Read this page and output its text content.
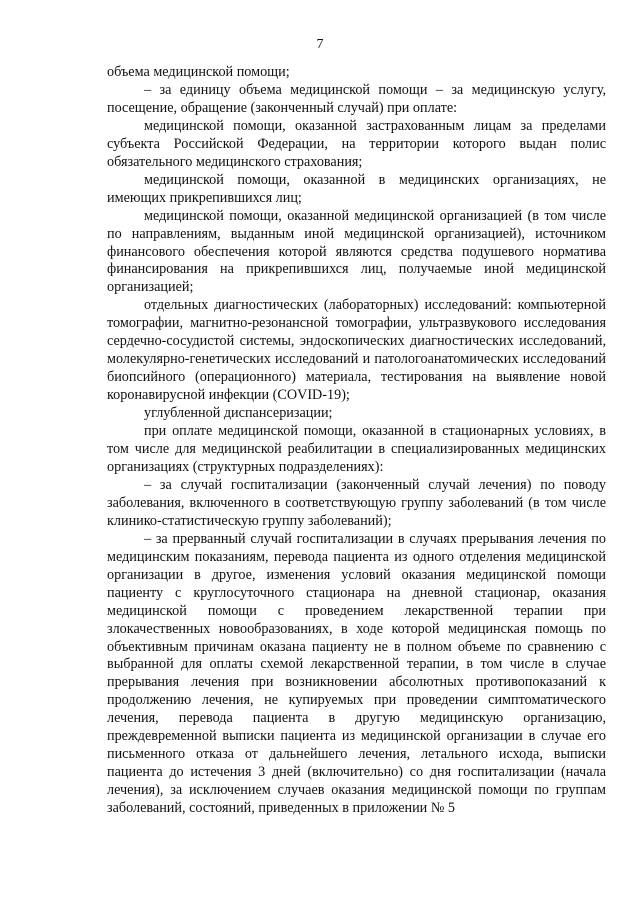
7

объема медицинской помощи;

– за единицу объема медицинской помощи – за медицинскую услугу, посещение, обращение (законченный случай) при оплате:

медицинской помощи, оказанной застрахованным лицам за пределами субъекта Российской Федерации, на территории которого выдан полис обязательного медицинского страхования;

медицинской помощи, оказанной в медицинских организациях, не имеющих прикрепившихся лиц;

медицинской помощи, оказанной медицинской организацией (в том числе по направлениям, выданным иной медицинской организацией), источником финансового обеспечения которой являются средства подушевого норматива финансирования на прикрепившихся лиц, получаемые иной медицинской организацией;

отдельных диагностических (лабораторных) исследований: компьютерной томографии, магнитно-резонансной томографии, ультразвукового исследования сердечно-сосудистой системы, эндоскопических диагностических исследований, молекулярно-генетических исследований и патологоанатомических исследований биопсийного (операционного) материала, тестирования на выявление новой коронавирусной инфекции (COVID-19);

углубленной диспансеризации;

при оплате медицинской помощи, оказанной в стационарных условиях, в том числе для медицинской реабилитации в специализированных медицинских организациях (структурных подразделениях):

– за случай госпитализации (законченный случай лечения) по поводу заболевания, включенного в соответствующую группу заболеваний (в том числе клинико-статистическую группу заболеваний);

– за прерванный случай госпитализации в случаях прерывания лечения по медицинским показаниям, перевода пациента из одного отделения медицинской организации в другое, изменения условий оказания медицинской помощи пациенту с круглосуточного стационара на дневной стационар, оказания медицинской помощи с проведением лекарственной терапии при злокачественных новообразованиях, в ходе которой медицинская помощь по объективным причинам оказана пациенту не в полном объеме по сравнению с выбранной для оплаты схемой лекарственной терапии, в том числе в случае прерывания лечения при возникновении абсолютных противопоказаний к продолжению лечения, не купируемых при проведении симптоматического лечения, перевода пациента в другую медицинскую организацию, преждевременной выписки пациента из медицинской организации в случае его письменного отказа от дальнейшего лечения, летального исхода, выписки пациента до истечения 3 дней (включительно) со дня госпитализации (начала лечения), за исключением случаев оказания медицинской помощи по группам заболеваний, состояний, приведенных в приложении № 5
